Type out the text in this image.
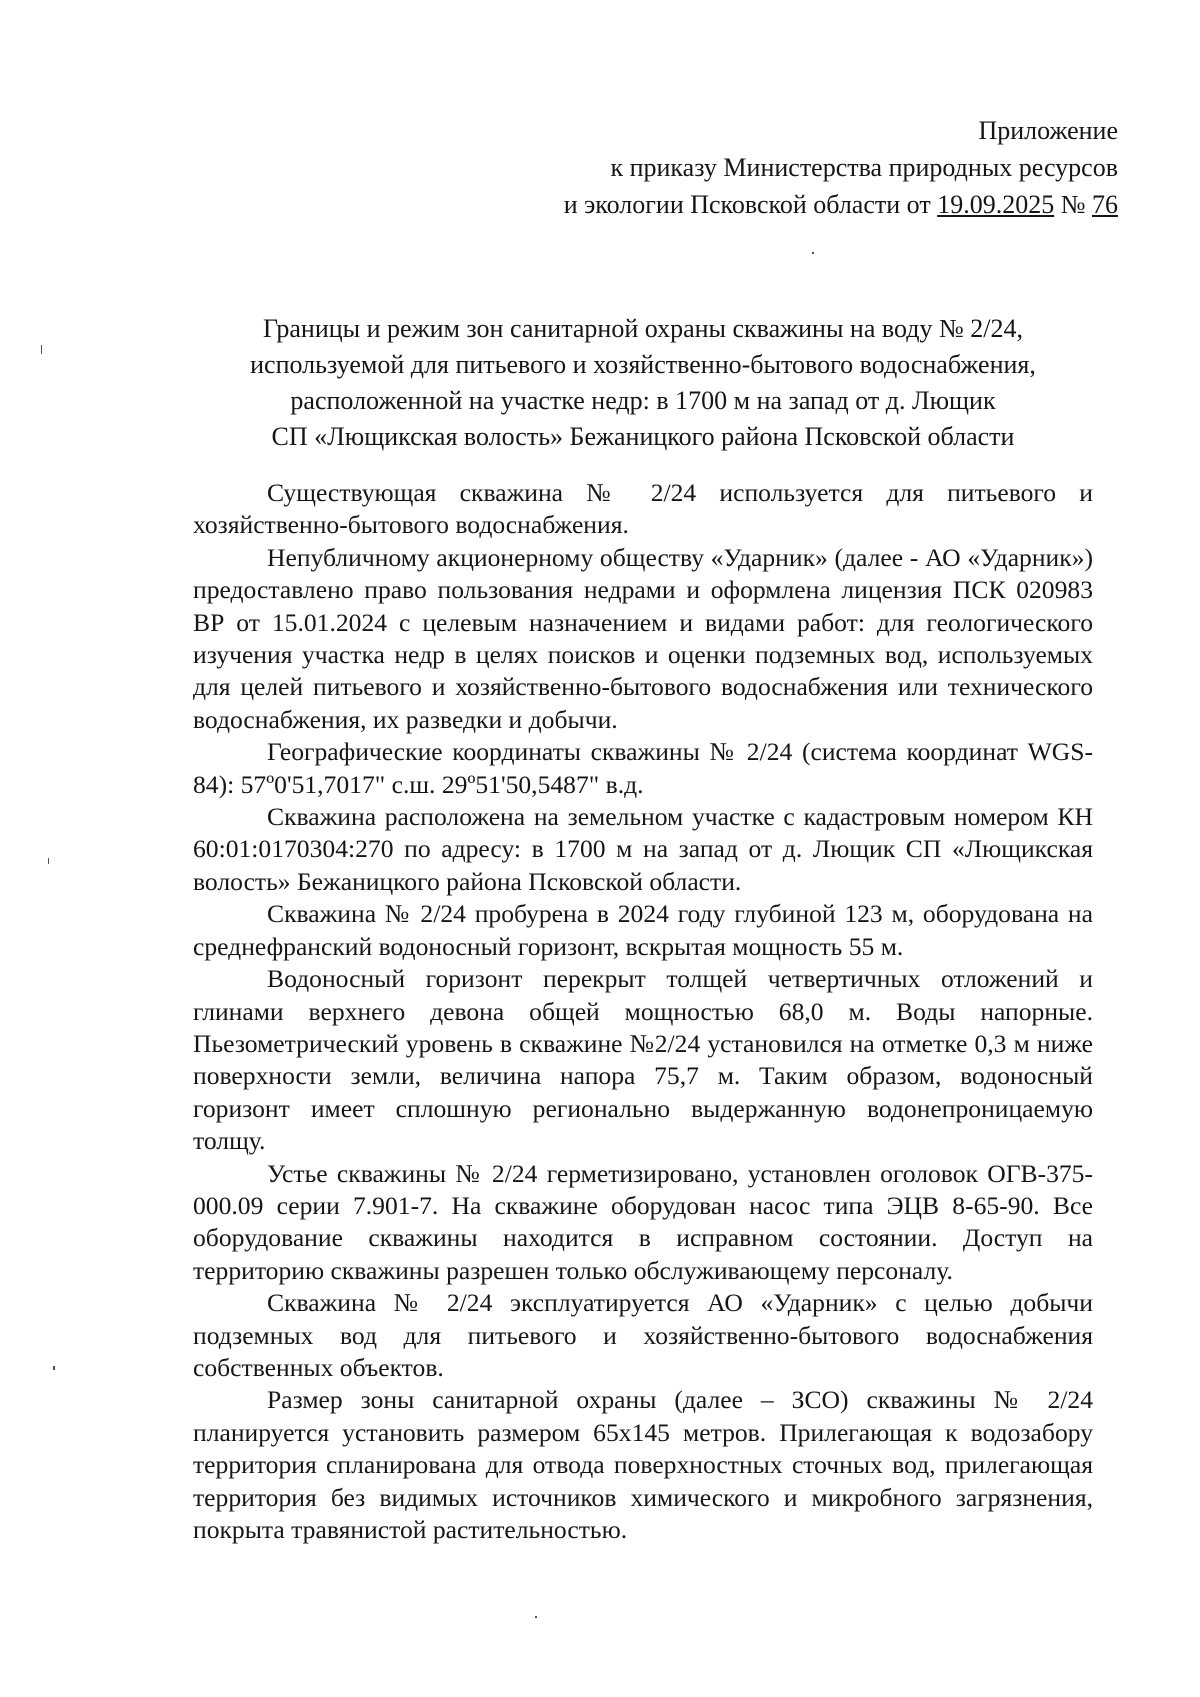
Приложение
к приказу Министерства природных ресурсов
и экологии Псковской области от 19.09.2025 № 76
Границы и режим зон санитарной охраны скважины на воду № 2/24,
используемой для питьевого и хозяйственно-бытового водоснабжения,
расположенной на участке недр: в 1700 м на запад от д. Лющик
СП «Лющикская волость» Бежаницкого района Псковской области

Существующая скважина № 2/24 используется для питьевого и хозяйственно-бытового водоснабжения.

Непубличному акционерному обществу «Ударник» (далее - АО «Ударник») предоставлено право пользования недрами и оформлена лицензия ПСК 020983 ВР от 15.01.2024 с целевым назначением и видами работ: для геологического изучения участка недр в целях поисков и оценки подземных вод, используемых для целей питьевого и хозяйственно-бытового водоснабжения или технического водоснабжения, их разведки и добычи.

Географические координаты скважины № 2/24 (система координат WGS-84): 57º0'51,7017" с.ш. 29º51'50,5487" в.д.

Скважина расположена на земельном участке с кадастровым номером КН 60:01:0170304:270 по адресу: в 1700 м на запад от д. Лющик СП «Лющикская волость» Бежаницкого района Псковской области.

Скважина № 2/24 пробурена в 2024 году глубиной 123 м, оборудована на среднефранский водоносный горизонт, вскрытая мощность 55 м.

Водоносный горизонт перекрыт толщей четвертичных отложений и глинами верхнего девона общей мощностью 68,0 м. Воды напорные. Пьезометрический уровень в скважине №2/24 установился на отметке 0,3 м ниже поверхности земли, величина напора 75,7 м. Таким образом, водоносный горизонт имеет сплошную регионально выдержанную водонепроницаемую толщу.

Устье скважины № 2/24 герметизировано, установлен оголовок ОГВ-375-000.09 серии 7.901-7. На скважине оборудован насос типа ЭЦВ 8-65-90. Все оборудование скважины находится в исправном состоянии. Доступ на территорию скважины разрешен только обслуживающему персоналу.

Скважина № 2/24 эксплуатируется АО «Ударник» с целью добычи подземных вод для питьевого и хозяйственно-бытового водоснабжения собственных объектов.

Размер зоны санитарной охраны (далее – ЗСО) скважины № 2/24 планируется установить размером 65х145 метров. Прилегающая к водозабору территория спланирована для отвода поверхностных сточных вод, прилегающая территория без видимых источников химического и микробного загрязнения, покрыта травянистой растительностью.
